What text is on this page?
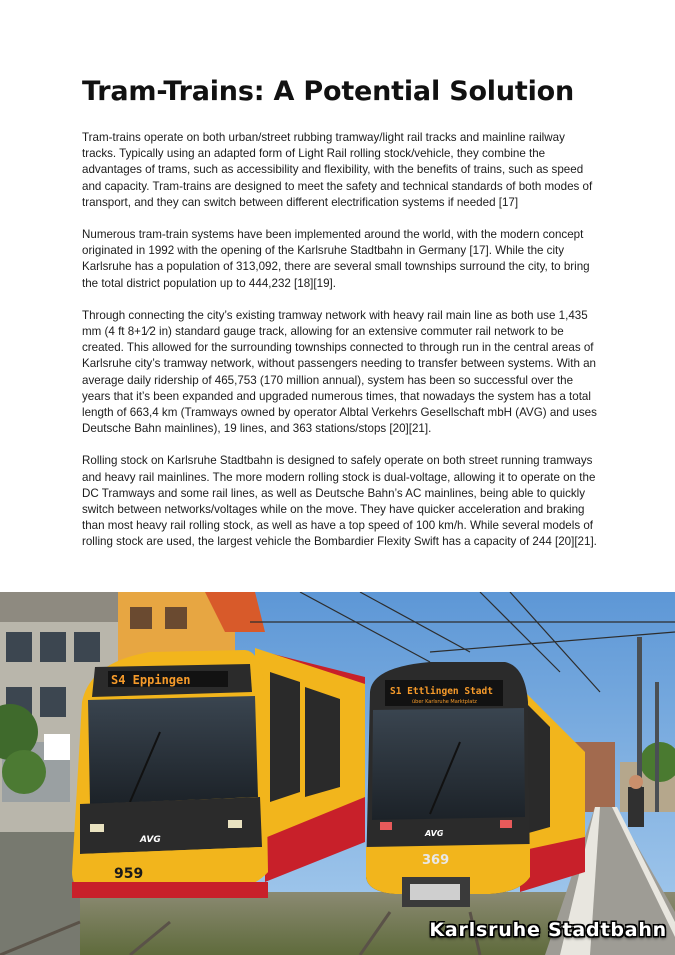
Tram-Trains: A Potential Solution

Tram-trains operate on both urban/street rubbing tramway/light rail tracks and mainline railway tracks. Typically using an adapted form of Light Rail rolling stock/vehicle, they combine the advantages of trams, such as accessibility and flexibility, with the benefits of trains, such as speed and capacity. Tram-trains are designed to meet the safety and technical standards of both modes of transport, and they can switch between different electrification systems if needed [17]

Numerous tram-train systems have been implemented around the world, with the modern concept originated in 1992 with the opening of the Karlsruhe Stadtbahn in Germany [17]. While the city Karlsruhe has a population of 313,092, there are several small townships surround the city, to bring the total district population up to 444,232 [18][19].

Through connecting the city’s existing tramway network with heavy rail main line as both use 1,435 mm (4 ft 8+1⁄2 in) standard gauge track, allowing for an extensive commuter rail network to be created. This allowed for the surrounding townships connected to through run in the central areas of Karlsruhe city’s tramway network, without passengers needing to transfer between systems. With an average daily ridership of 465,753 (170 million annual), system has been so successful over the years that it’s been expanded and upgraded numerous times, that nowadays the system has a total length of 663,4 km (Tramways owned by operator Albtal Verkehrs Gesellschaft mbH (AVG) and uses Deutsche Bahn mainlines), 19 lines, and 363 stations/stops [20][21].

Rolling stock on Karlsruhe Stadtbahn is designed to safely operate on both street running tramways and heavy rail mainlines. The more modern rolling stock is dual-voltage, allowing it to operate on the DC Tramways and some rail lines, as well as Deutsche Bahn’s AC mainlines, being able to quickly switch between networks/voltages while on the move. They have quicker acceleration and braking than most heavy rail rolling stock, as well as have a top speed of 100 km/h. While several models of rolling stock are used, the largest vehicle the Bombardier Flexity Swift has a capacity of 244 [20][21].

S4 Eppingen
AVG
959
S1 Ettlingen Stadt
über Karlsruhe Marktplatz
AVG
369
Karlsruhe Stadtbahn
